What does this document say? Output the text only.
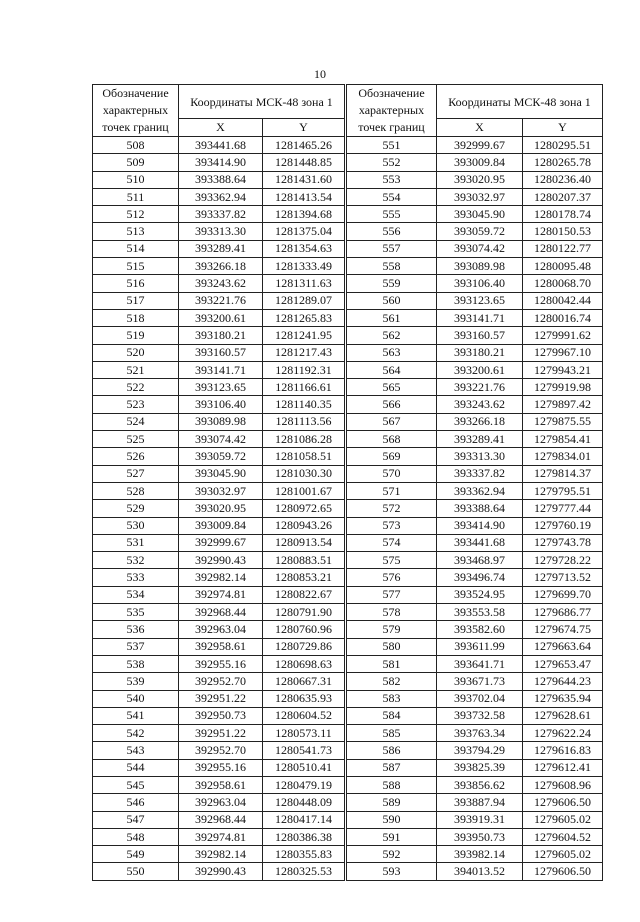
10
Обозначение характерных точек границ	Координаты МСК-48 зона 1	
	X	Y
508	393441.68	1281465.26
509	393414.90	1281448.85
510	393388.64	1281431.60
511	393362.94	1281413.54
512	393337.82	1281394.68
513	393313.30	1281375.04
514	393289.41	1281354.63
515	393266.18	1281333.49
516	393243.62	1281311.63
517	393221.76	1281289.07
518	393200.61	1281265.83
519	393180.21	1281241.95
520	393160.57	1281217.43
521	393141.71	1281192.31
522	393123.65	1281166.61
523	393106.40	1281140.35
524	393089.98	1281113.56
525	393074.42	1281086.28
526	393059.72	1281058.51
527	393045.90	1281030.30
528	393032.97	1281001.67
529	393020.95	1280972.65
530	393009.84	1280943.26
531	392999.67	1280913.54
532	392990.43	1280883.51
533	392982.14	1280853.21
534	392974.81	1280822.67
535	392968.44	1280791.90
536	392963.04	1280760.96
537	392958.61	1280729.86
538	392955.16	1280698.63
539	392952.70	1280667.31
540	392951.22	1280635.93
541	392950.73	1280604.52
542	392951.22	1280573.11
543	392952.70	1280541.73
544	392955.16	1280510.41
545	392958.61	1280479.19
546	392963.04	1280448.09
547	392968.44	1280417.14
548	392974.81	1280386.38
549	392982.14	1280355.83
550	392990.43	1280325.53
Обозначение характерных точек границ	Координаты МСК-48 зона 1	
	X	Y
551	392999.67	1280295.51
552	393009.84	1280265.78
553	393020.95	1280236.40
554	393032.97	1280207.37
555	393045.90	1280178.74
556	393059.72	1280150.53
557	393074.42	1280122.77
558	393089.98	1280095.48
559	393106.40	1280068.70
560	393123.65	1280042.44
561	393141.71	1280016.74
562	393160.57	1279991.62
563	393180.21	1279967.10
564	393200.61	1279943.21
565	393221.76	1279919.98
566	393243.62	1279897.42
567	393266.18	1279875.55
568	393289.41	1279854.41
569	393313.30	1279834.01
570	393337.82	1279814.37
571	393362.94	1279795.51
572	393388.64	1279777.44
573	393414.90	1279760.19
574	393441.68	1279743.78
575	393468.97	1279728.22
576	393496.74	1279713.52
577	393524.95	1279699.70
578	393553.58	1279686.77
579	393582.60	1279674.75
580	393611.99	1279663.64
581	393641.71	1279653.47
582	393671.73	1279644.23
583	393702.04	1279635.94
584	393732.58	1279628.61
585	393763.34	1279622.24
586	393794.29	1279616.83
587	393825.39	1279612.41
588	393856.62	1279608.96
589	393887.94	1279606.50
590	393919.31	1279605.02
591	393950.73	1279604.52
592	393982.14	1279605.02
593	394013.52	1279606.50
